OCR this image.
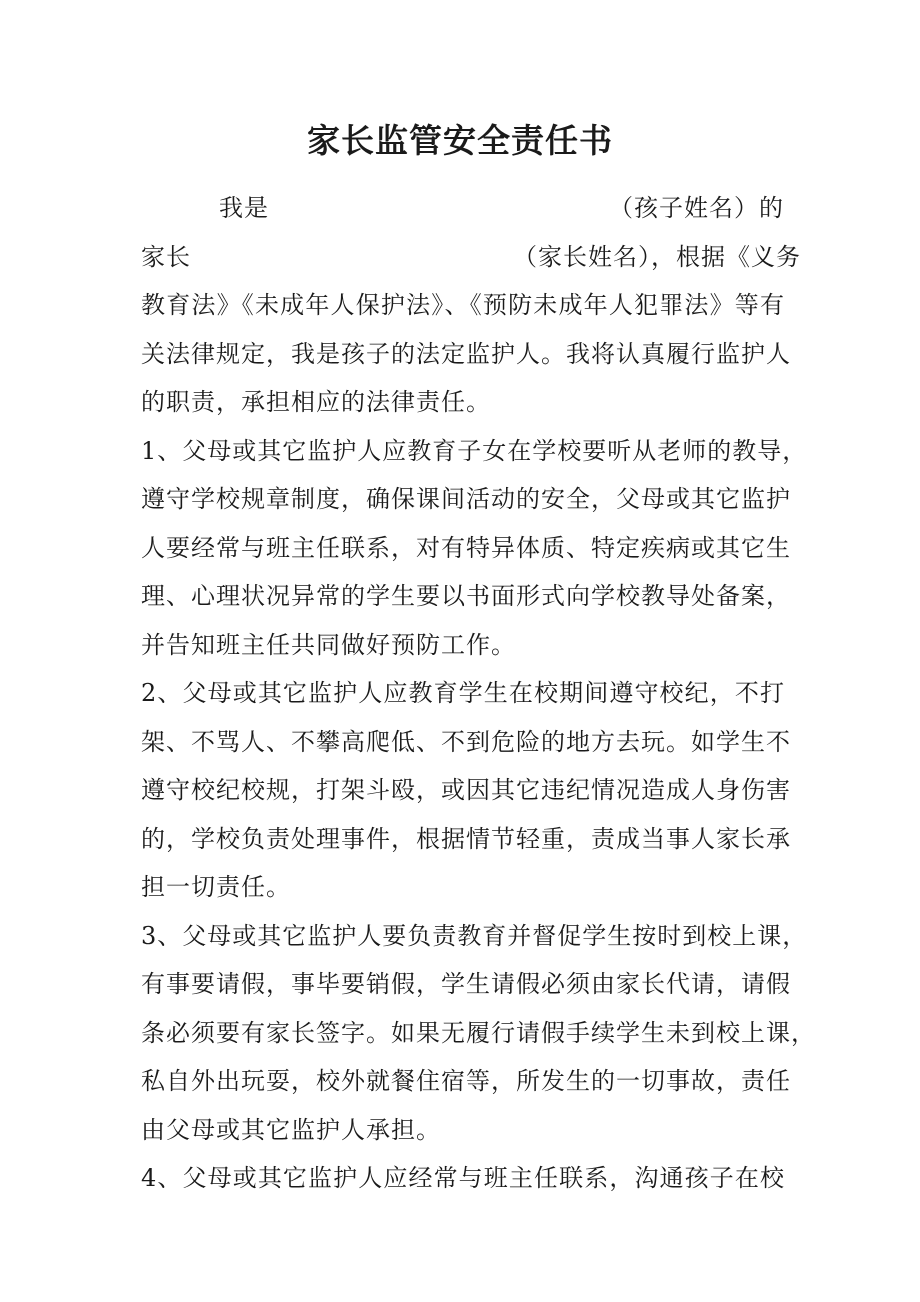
家长监管安全责任书
我是	（孩子姓名）的
家长	（家长姓名），根据《义务
教育法》《未成年人保护法》、《预防未成年人犯罪法》等有
关法律规定，我是孩子的法定监护人。我将认真履行监护人
的职责，承担相应的法律责任。
1、父母或其它监护人应教育子女在学校要听从老师的教导，
遵守学校规章制度，确保课间活动的安全，父母或其它监护
人要经常与班主任联系，对有特异体质、特定疾病或其它生
理、心理状况异常的学生要以书面形式向学校教导处备案，
并告知班主任共同做好预防工作。
2、父母或其它监护人应教育学生在校期间遵守校纪，不打
架、不骂人、不攀高爬低、不到危险的地方去玩。如学生不
遵守校纪校规，打架斗殴，或因其它违纪情况造成人身伤害
的，学校负责处理事件，根据情节轻重，责成当事人家长承
担一切责任。
3、父母或其它监护人要负责教育并督促学生按时到校上课，
有事要请假，事毕要销假，学生请假必须由家长代请，请假
条必须要有家长签字。如果无履行请假手续学生未到校上课，
私自外出玩耍，校外就餐住宿等，所发生的一切事故，责任
由父母或其它监护人承担。
4、父母或其它监护人应经常与班主任联系，沟通孩子在校
